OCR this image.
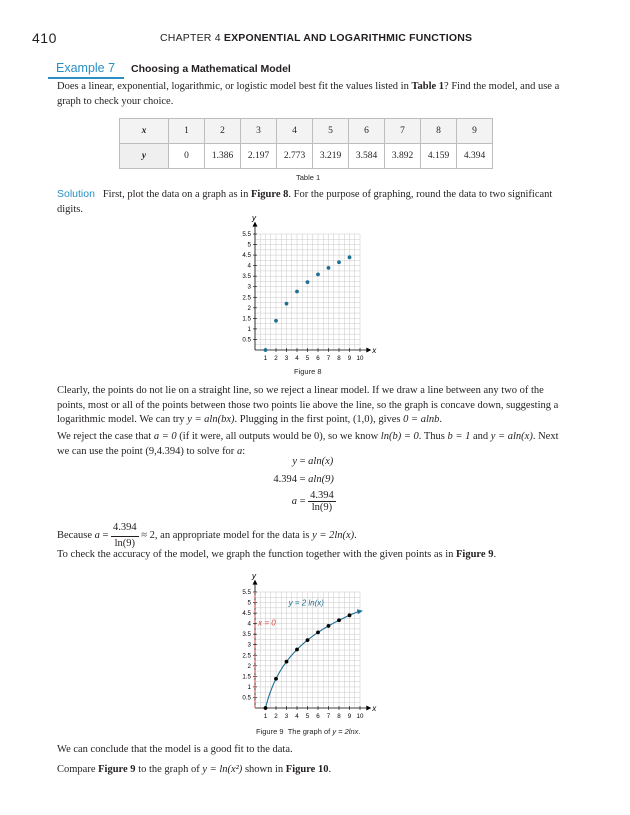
410	CHAPTER 4 EXPONENTIAL AND LOGARITHMIC FUNCTIONS
Example 7 Choosing a Mathematical Model
Does a linear, exponential, logarithmic, or logistic model best fit the values listed in Table 1? Find the model, and use a graph to check your choice.
x	1	2	3	4	5	6	7	8	9
y	0	1.386	2.197	2.773	3.219	3.584	3.892	4.159	4.394
Table 1
Solution First, plot the data on a graph as in Figure 8. For the purpose of graphing, round the data to two significant digits.
x
y
1 2 3 4 5 6 7 8 9 10
0.5
1
1.5
2
2.5
3
3.5
4
4.5
5
5.5
Figure 8
Clearly, the points do not lie on a straight line, so we reject a linear model. If we draw a line between any two of the points, most or all of the points between those two points lie above the line, so the graph is concave down, suggesting a logarithmic model. We can try y = aln(bx). Plugging in the first point, (1,0), gives 0 = alnb.
We reject the case that a = 0 (if it were, all outputs would be 0), so we know ln(b) = 0. Thus b = 1 and y = aln(x). Next we can use the point (9,4.394) to solve for a:
y = aln(x)
4.394 = aln(9)
$a = \frac{4.394}{\ln(9)}$
Because $a = \frac{4.394}{\ln(9)} \approx 2$, an appropriate model for the data is y = 2ln(x).
To check the accuracy of the model, we graph the function together with the given points as in Figure 9.
x
y
1 2 3 4 5 6 7 8 9 10
0.5
1
1.5
2
2.5
3
3.5
4
4.5
5
5.5
x = 0
y = 2 ln(x)
Figure 9 The graph of y = 2lnx.
We can conclude that the model is a good fit to the data.
Compare Figure 9 to the graph of y = ln(x²) shown in Figure 10.
